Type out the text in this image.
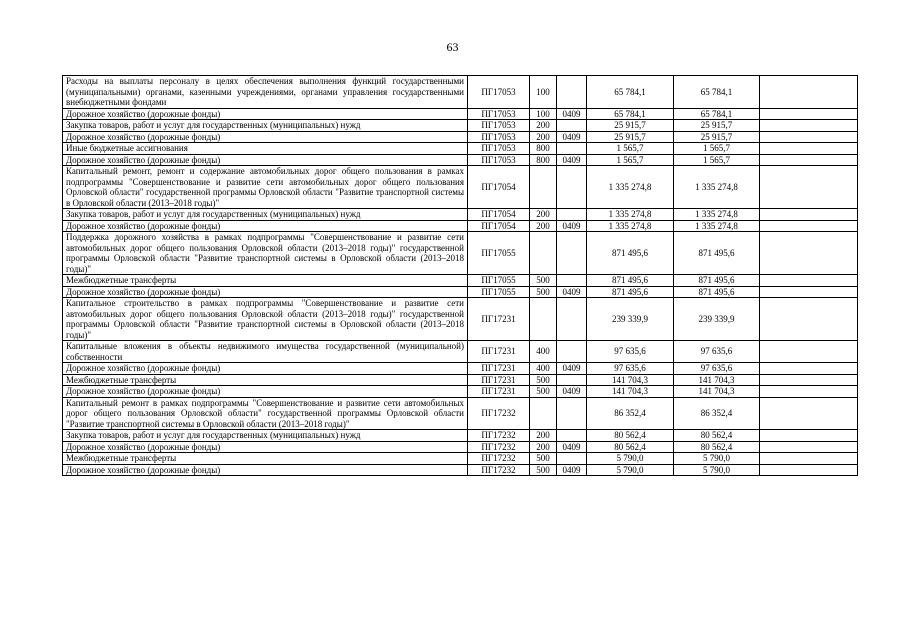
63
Расходы на выплаты персоналу в целях обеспечения выполнения функций государственными (муниципальными) органами, казенными учреждениями, органами управления государственными внебюджетными фондами	ПГ17053	100		65 784,1	65 784,1	
Дорожное хозяйство (дорожные фонды)	ПГ17053	100	0409	65 784,1	65 784,1	
Закупка товаров, работ и услуг для государственных (муниципальных) нужд	ПГ17053	200		25 915,7	25 915,7	
Дорожное хозяйство (дорожные фонды)	ПГ17053	200	0409	25 915,7	25 915,7	
Иные бюджетные ассигнования	ПГ17053	800		1 565,7	1 565,7	
Дорожное хозяйство (дорожные фонды)	ПГ17053	800	0409	1 565,7	1 565,7	
Капитальный ремонт, ремонт и содержание автомобильных дорог общего пользования в рамках подпрограммы "Совершенствование и развитие сети автомобильных дорог общего пользования Орловской области" государственной программы Орловской области "Развитие транспортной системы в Орловской области (2013–2018 годы)"	ПГ17054			1 335 274,8	1 335 274,8	
Закупка товаров, работ и услуг для государственных (муниципальных) нужд	ПГ17054	200		1 335 274,8	1 335 274,8	
Дорожное хозяйство (дорожные фонды)	ПГ17054	200	0409	1 335 274,8	1 335 274,8	
Поддержка дорожного хозяйства в рамках подпрограммы "Совершенствование и развитие сети автомобильных дорог общего пользования Орловской области (2013–2018 годы)" государственной программы Орловской области "Развитие транспортной системы в Орловской области (2013–2018 годы)"	ПГ17055			871 495,6	871 495,6	
Межбюджетные трансферты	ПГ17055	500		871 495,6	871 495,6	
Дорожное хозяйство (дорожные фонды)	ПГ17055	500	0409	871 495,6	871 495,6	
Капитальное строительство в рамках подпрограммы "Совершенствование и развитие сети автомобильных дорог общего пользования Орловской области (2013–2018 годы)" государственной программы Орловской области "Развитие транспортной системы в Орловской области (2013–2018 годы)"	ПГ17231			239 339,9	239 339,9	
Капитальные вложения в объекты недвижимого имущества государственной (муниципальной) собственности	ПГ17231	400		97 635,6	97 635,6	
Дорожное хозяйство (дорожные фонды)	ПГ17231	400	0409	97 635,6	97 635,6	
Межбюджетные трансферты	ПГ17231	500		141 704,3	141 704,3	
Дорожное хозяйство (дорожные фонды)	ПГ17231	500	0409	141 704,3	141 704,3	
Капитальный ремонт в рамках подпрограммы "Совершенствование и развитие сети автомобильных дорог общего пользования Орловской области" государственной программы Орловской области "Развитие транспортной системы в Орловской области (2013–2018 годы)"	ПГ17232			86 352,4	86 352,4	
Закупка товаров, работ и услуг для государственных (муниципальных) нужд	ПГ17232	200		80 562,4	80 562,4	
Дорожное хозяйство (дорожные фонды)	ПГ17232	200	0409	80 562,4	80 562,4	
Межбюджетные трансферты	ПГ17232	500		5 790,0	5 790,0	
Дорожное хозяйство (дорожные фонды)	ПГ17232	500	0409	5 790,0	5 790,0	
